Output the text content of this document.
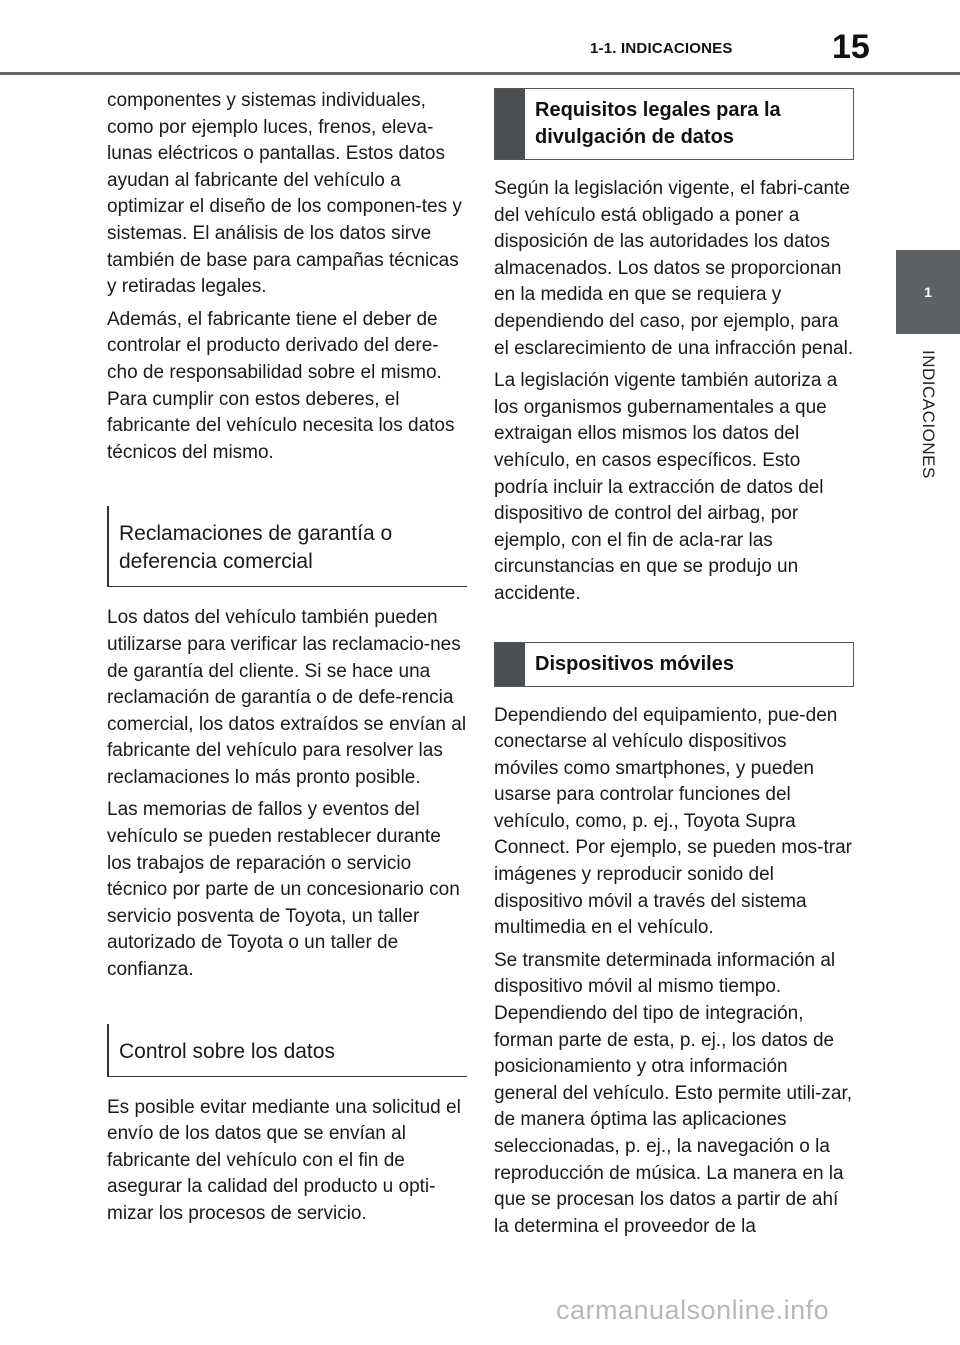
1-1. INDICACIONES	15
1
INDICACIONES

componentes y sistemas individuales, como por ejemplo luces, frenos, eleva-lunas eléctricos o pantallas. Estos datos ayudan al fabricante del vehículo a optimizar el diseño de los componen-tes y sistemas. El análisis de los datos sirve también de base para campañas técnicas y retiradas legales.

Además, el fabricante tiene el deber de controlar el producto derivado del dere-cho de responsabilidad sobre el mismo. Para cumplir con estos deberes, el fabricante del vehículo necesita los datos técnicos del mismo.

Reclamaciones de garantía o deferencia comercial

Los datos del vehículo también pueden utilizarse para verificar las reclamacio-nes de garantía del cliente. Si se hace una reclamación de garantía o de defe-rencia comercial, los datos extraídos se envían al fabricante del vehículo para resolver las reclamaciones lo más pronto posible.

Las memorias de fallos y eventos del vehículo se pueden restablecer durante los trabajos de reparación o servicio técnico por parte de un concesionario con servicio posventa de Toyota, un taller autorizado de Toyota o un taller de confianza.

Control sobre los datos

Es posible evitar mediante una solicitud el envío de los datos que se envían al fabricante del vehículo con el fin de asegurar la calidad del producto u opti-mizar los procesos de servicio.

Requisitos legales para la divulgación de datos

Según la legislación vigente, el fabri-cante del vehículo está obligado a poner a disposición de las autoridades los datos almacenados. Los datos se proporcionan en la medida en que se requiera y dependiendo del caso, por ejemplo, para el esclarecimiento de una infracción penal.

La legislación vigente también autoriza a los organismos gubernamentales a que extraigan ellos mismos los datos del vehículo, en casos específicos. Esto podría incluir la extracción de datos del dispositivo de control del airbag, por ejemplo, con el fin de acla-rar las circunstancias en que se produjo un accidente.

Dispositivos móviles

Dependiendo del equipamiento, pue-den conectarse al vehículo dispositivos móviles como smartphones, y pueden usarse para controlar funciones del vehículo, como, p. ej., Toyota Supra Connect. Por ejemplo, se pueden mos-trar imágenes y reproducir sonido del dispositivo móvil a través del sistema multimedia en el vehículo.

Se transmite determinada información al dispositivo móvil al mismo tiempo. Dependiendo del tipo de integración, forman parte de esta, p. ej., los datos de posicionamiento y otra información general del vehículo. Esto permite utili-zar, de manera óptima las aplicaciones seleccionadas, p. ej., la navegación o la reproducción de música. La manera en la que se procesan los datos a partir de ahí la determina el proveedor de la

carmanualsonline.info
